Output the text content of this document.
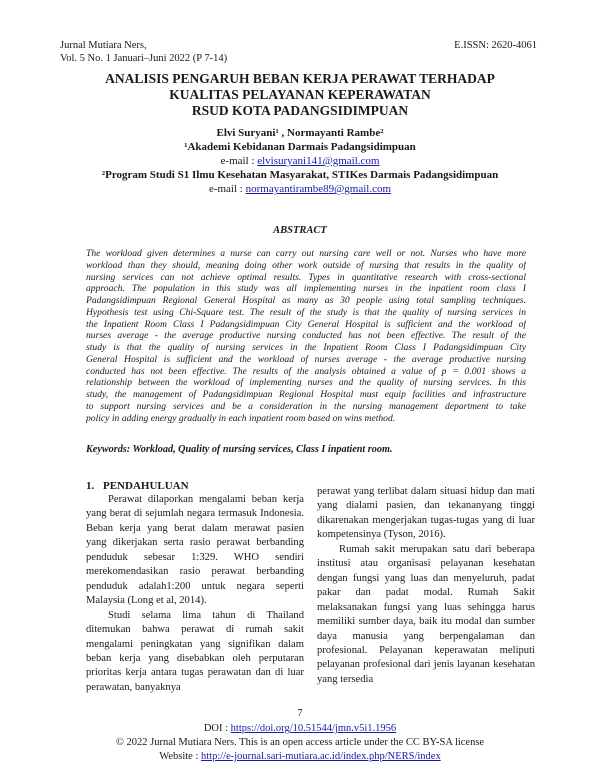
Jurnal Mutiara Ners,
Vol. 5 No. 1 Januari–Juni 2022 (P 7-14)
E.ISSN: 2620-4061
ANALISIS PENGARUH BEBAN KERJA PERAWAT TERHADAP
KUALITAS PELAYANAN KEPERAWATAN
RSUD KOTA PADANGSIDIMPUAN
Elvi Suryani¹ , Normayanti Rambe²
¹Akademi Kebidanan Darmais Padangsidimpuan
e-mail : elvisuryani141@gmail.com
²Program Studi S1 Ilmu Kesehatan Masyarakat, STIKes Darmais Padangsidimpuan
e-mail : normayantirambe89@gmail.com
ABSTRACT
The workload given determines a nurse can carry out nursing care well or not. Nurses who have more
workload than they should, meaning doing other work outside of nursing that results in the quality of
nursing services can not achieve optimal results. Types in quantitative research with cross-sectional
approach. The population in this study was all implementing nurses in the inpatient room class I
Padangsidimpuan Regional General Hospital as many as 30 people using total sampling techniques.
Hypothesis test using Chi-Square test. The result of the study is that the quality of nursing services in
the Inpatient Room Class I Padangsidimpuan City General Hospital is sufficient and the workload of
nurses average - the average productive nursing conducted has not been effective. The result of the
study is that the quality of nursing services in the Inpatient Room Class I Padangsidimpuan City
General Hospital is sufficient and the workload of nurses average - the average productive nursing
conducted has not been effective. The results of the analysis obtained a value of p = 0.001 shows a
relationship between the workload of implementing nurses and the quality of nursing services. In this
study, the management of Padangsidimpuan Regional Hospital must equip facilities and infrastructure
to support nursing services and be a consideration in the nursing management department to take
policy in adding energy gradually in each inpatient room based on wins method.
Keywords: Workload, Quality of nursing services, Class I inpatient room.
1. PENDAHULUAN

Perawat dilaporkan mengalami beban kerja yang berat di sejumlah negara termasuk Indonesia. Beban kerja yang berat dalam merawat pasien yang dikerjakan serta rasio perawat berbanding penduduk sebesar 1:329. WHO sendiri merekomendasikan rasio perawat berbanding penduduk adalah1:200 untuk negara seperti Malaysia (Long et al, 2014).

Studi selama lima tahun di Thailand ditemukan bahwa perawat di rumah sakit mengalami peningkatan yang signifikan dalam beban kerja yang disebabkan oleh perputaran prioritas kerja antara tugas perawatan dan di luar perawatan, banyaknya

perawat yang terlibat dalam situasi hidup dan mati yang dialami pasien, dan tekananyang tinggi dikarenakan mengerjakan tugas-tugas yang di luar kompetensinya (Tyson, 2016).

Rumah sakit merupakan satu dari beberapa institusi atau organisasi pelayanan kesehatan dengan fungsi yang luas dan menyeluruh, padat pakar dan padat modal. Rumah Sakit melaksanakan fungsi yang luas sehingga harus memiliki sumber daya, baik itu modal dan sumber daya manusia yang berpengalaman dan profesional. Pelayanan keperawatan meliputi pelayanan profesional dari jenis layanan kesehatan yang tersedia

7
DOI : https://doi.org/10.51544/jmn.v5i1.1956
© 2022 Jurnal Mutiara Ners. This is an open access article under the CC BY-SA license
Website : http://e-journal.sari-mutiara.ac.id/index.php/NERS/index
